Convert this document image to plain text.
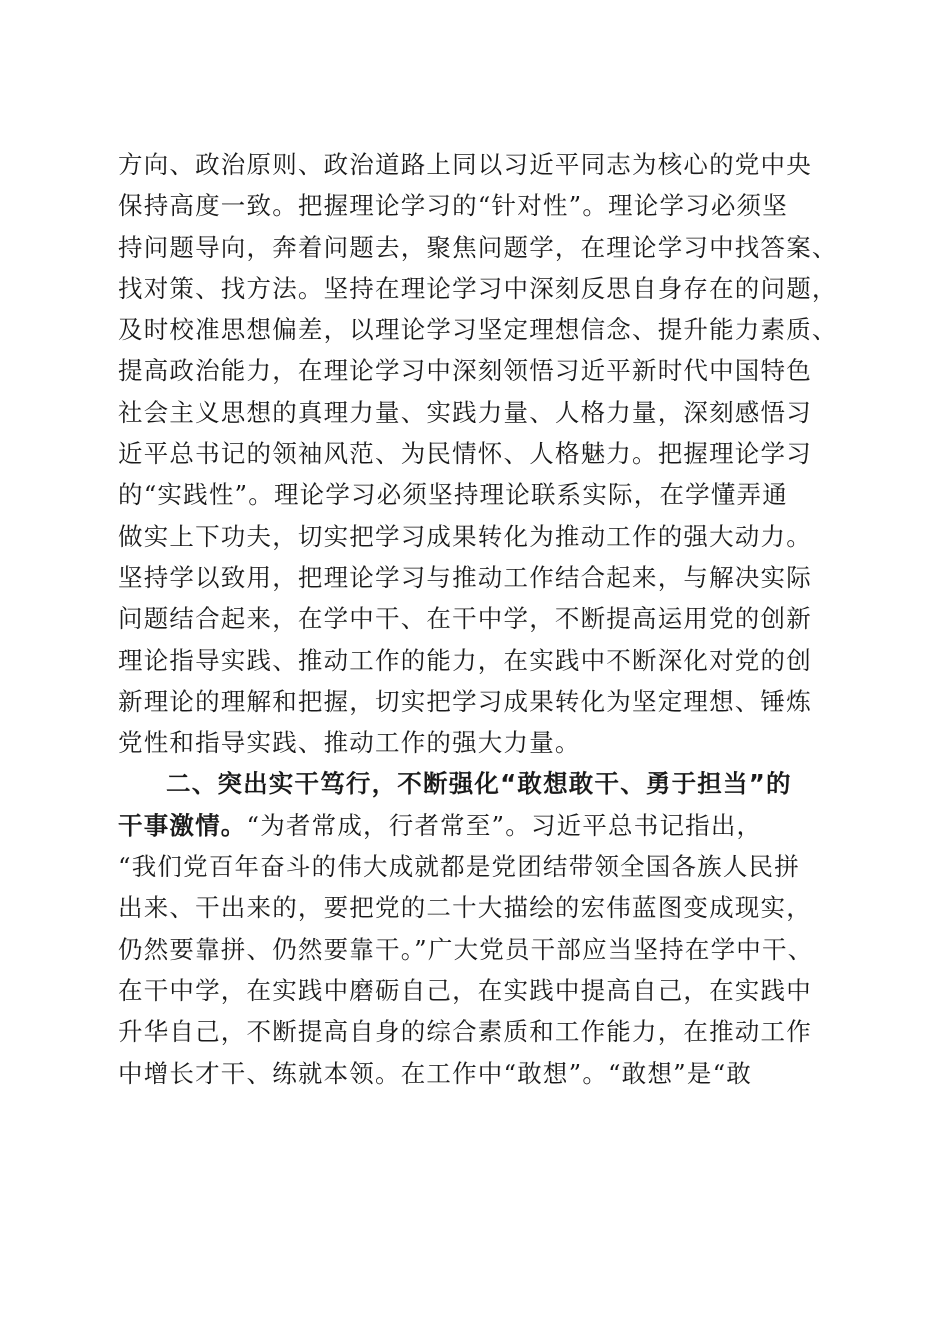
方向、政治原则、政治道路上同以习近平同志为核心的党中央
保持高度一致。把握理论学习的“针对性”。理论学习必须坚
持问题导向，奔着问题去，聚焦问题学，在理论学习中找答案、
找对策、找方法。坚持在理论学习中深刻反思自身存在的问题，
及时校准思想偏差，以理论学习坚定理想信念、提升能力素质、
提高政治能力，在理论学习中深刻领悟习近平新时代中国特色
社会主义思想的真理力量、实践力量、人格力量，深刻感悟习
近平总书记的领袖风范、为民情怀、人格魅力。把握理论学习
的“实践性”。理论学习必须坚持理论联系实际，在学懂弄通
做实上下功夫，切实把学习成果转化为推动工作的强大动力。
坚持学以致用，把理论学习与推动工作结合起来，与解决实际
问题结合起来，在学中干、在干中学，不断提高运用党的创新
理论指导实践、推动工作的能力，在实践中不断深化对党的创
新理论的理解和把握，切实把学习成果转化为坚定理想、锤炼
党性和指导实践、推动工作的强大力量。
二、突出实干笃行，不断强化“敢想敢干、勇于担当”的
干事激情。“为者常成，行者常至”。习近平总书记指出，
“我们党百年奋斗的伟大成就都是党团结带领全国各族人民拼
出来、干出来的，要把党的二十大描绘的宏伟蓝图变成现实，
仍然要靠拼、仍然要靠干。”广大党员干部应当坚持在学中干、
在干中学，在实践中磨砺自己，在实践中提高自己，在实践中
升华自己，不断提高自身的综合素质和工作能力，在推动工作
中增长才干、练就本领。在工作中“敢想”。“敢想”是“敢
